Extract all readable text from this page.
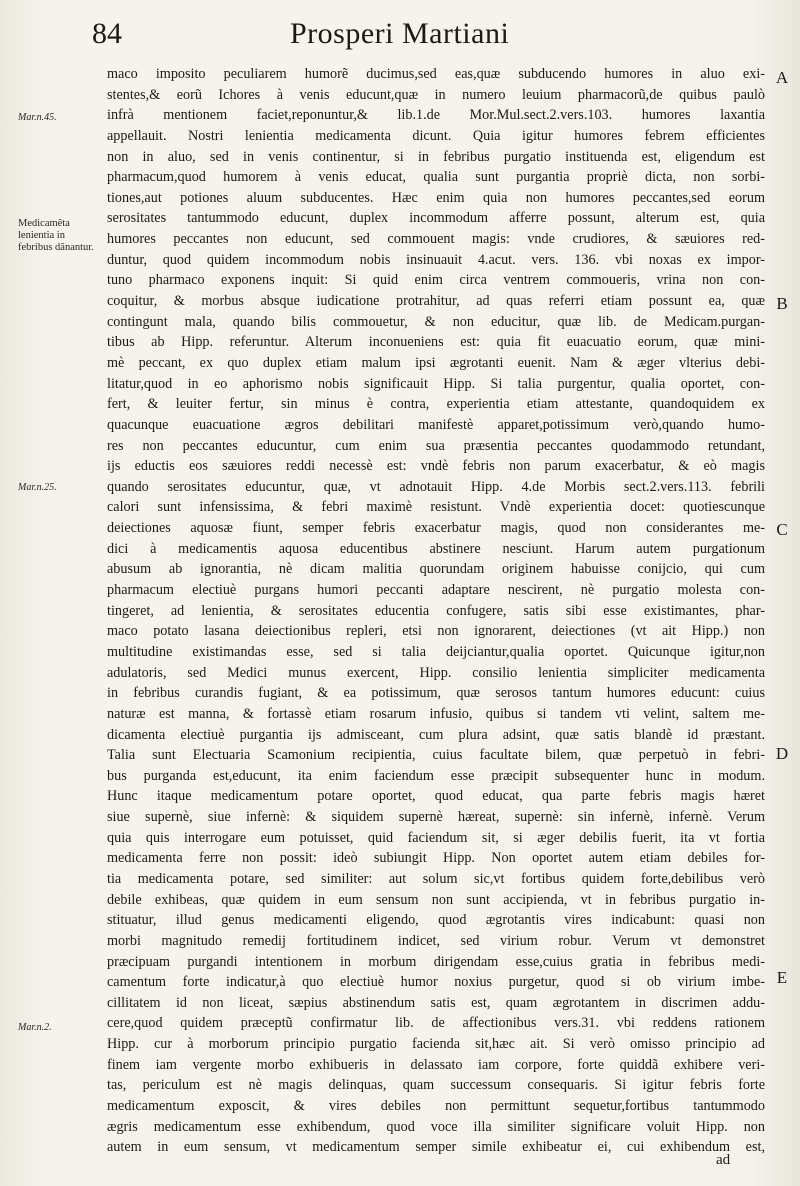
84	Prosperi Martiani
Mar.n.45.
Medicamẽta lenientia in febribus dãnantur.
Mar.n.25.
Mar.n.2.
A
B
C
D
E
maco imposito peculiarem humorẽ ducimus,sed eas,quæ subducendo humores in aluo exi-
stentes,& eorũ Ichores à venis educunt,quæ in numero leuium pharmacorũ,de quibus paulò
infrà mentionem faciet,reponuntur,& lib.1.de Mor.Mul.sect.2.vers.103. humores laxantia
appellauit. Nostri lenientia medicamenta dicunt. Quia igitur humores febrem efficientes
non in aluo, sed in venis continentur, si in febribus purgatio instituenda est, eligendum est
pharmacum,quod humorem à venis educat, qualia sunt purgantia propriè dicta, non sorbi-
tiones,aut potiones aluum subducentes. Hæc enim quia non humores peccantes,sed eorum
serositates tantummodo educunt, duplex incommodum afferre possunt, alterum est, quia
humores peccantes non educunt, sed commouent magis: vnde crudiores, & sæuiores red-
duntur, quod quidem incommodum nobis insinuauit 4.acut. vers. 136. vbi noxas ex impor-
tuno pharmaco exponens inquit: Si quid enim circa ventrem commoueris, vrina non con-
coquitur, & morbus absque iudicatione protrahitur, ad quas referri etiam possunt ea, quæ
contingunt mala, quando bilis commouetur, & non educitur, quæ lib. de Medicam.purgan-
tibus ab Hipp. referuntur. Alterum inconueniens est: quia fit euacuatio eorum, quæ mini-
mè peccant, ex quo duplex etiam malum ipsi ægrotanti euenit. Nam & æger vlterius debi-
litatur,quod in eo aphorismo nobis significauit Hipp. Si talia purgentur, qualia oportet, con-
fert, & leuiter fertur, sin minus è contra, experientia etiam attestante, quandoquidem ex
quacunque euacuatione ægros debilitari manifestè apparet,potissimum verò,quando humo-
res non peccantes educuntur, cum enim sua præsentia peccantes quodammodo retundant,
ijs eductis eos sæuiores reddi necessè est: vndè febris non parum exacerbatur, & eò magis
quando serositates educuntur, quæ, vt adnotauit Hipp. 4.de Morbis sect.2.vers.113. febrili
calori sunt infensissima, & febri maximè resistunt. Vndè experientia docet: quotiescunque
deiectiones aquosæ fiunt, semper febris exacerbatur magis, quod non considerantes me-
dici à medicamentis aquosa educentibus abstinere nesciunt. Harum autem purgationum
abusum ab ignorantia, nè dicam malitia quorundam originem habuisse conijcio, qui cum
pharmacum electiuè purgans humori peccanti adaptare nescirent, nè purgatio molesta con-
tingeret, ad lenientia, & serositates educentia confugere, satis sibi esse existimantes, phar-
maco potato lasana deiectionibus repleri, etsi non ignorarent, deiectiones (vt ait Hipp.) non
multitudine existimandas esse, sed si talia deijciantur,qualia oportet. Quicunque igitur,non
adulatoris, sed Medici munus exercent, Hipp. consilio lenientia simpliciter medicamenta
in febribus curandis fugiant, & ea potissimum, quæ serosos tantum humores educunt: cuius
naturæ est manna, & fortassè etiam rosarum infusio, quibus si tandem vti velint, saltem me-
dicamenta electiuè purgantia ijs admisceant, cum plura adsint, quæ satis blandè id præstant.
Talia sunt Electuaria Scamonium recipientia, cuius facultate bilem, quæ perpetuò in febri-
bus purganda est,educunt, ita enim faciendum esse præcipit subsequenter hunc in modum.
Hunc itaque medicamentum potare oportet, quod educat, qua parte febris magis hæret
siue supernè, siue infernè: & siquidem supernè hæreat, supernè: sin infernè, infernè. Verum
quia quis interrogare eum potuisset, quid faciendum sit, si æger debilis fuerit, ita vt fortia
medicamenta ferre non possit: ideò subiungit Hipp. Non oportet autem etiam debiles for-
tia medicamenta potare, sed similiter: aut solum sic,vt fortibus quidem forte,debilibus verò
debile exhibeas, quæ quidem in eum sensum non sunt accipienda, vt in febribus purgatio in-
stituatur, illud genus medicamenti eligendo, quod ægrotantis vires indicabunt: quasi non
morbi magnitudo remedij fortitudinem indicet, sed virium robur. Verum vt demonstret
præcipuam purgandi intentionem in morbum dirigendam esse,cuius gratia in febribus medi-
camentum forte indicatur,à quo electiuè humor noxius purgetur, quod si ob virium imbe-
cillitatem id non liceat, sæpius abstinendum satis est, quam ægrotantem in discrimen addu-
cere,quod quidem præceptũ confirmatur lib. de affectionibus vers.31. vbi reddens rationem
Hipp. cur à morborum principio purgatio facienda sit,hæc ait. Si verò omisso principio ad
finem iam vergente morbo exhibueris in delassato iam corpore, forte quiddã exhibere veri-
tas, periculum est nè magis delinquas, quam successum consequaris. Si igitur febris forte
medicamentum exposcit, & vires debiles non permittunt sequetur,fortibus tantummodo
ægris medicamentum esse exhibendum, quod voce illa similiter significare voluit Hipp. non
autem in eum sensum, vt medicamentum semper simile exhibeatur ei, cui exhibendum est,
ad
